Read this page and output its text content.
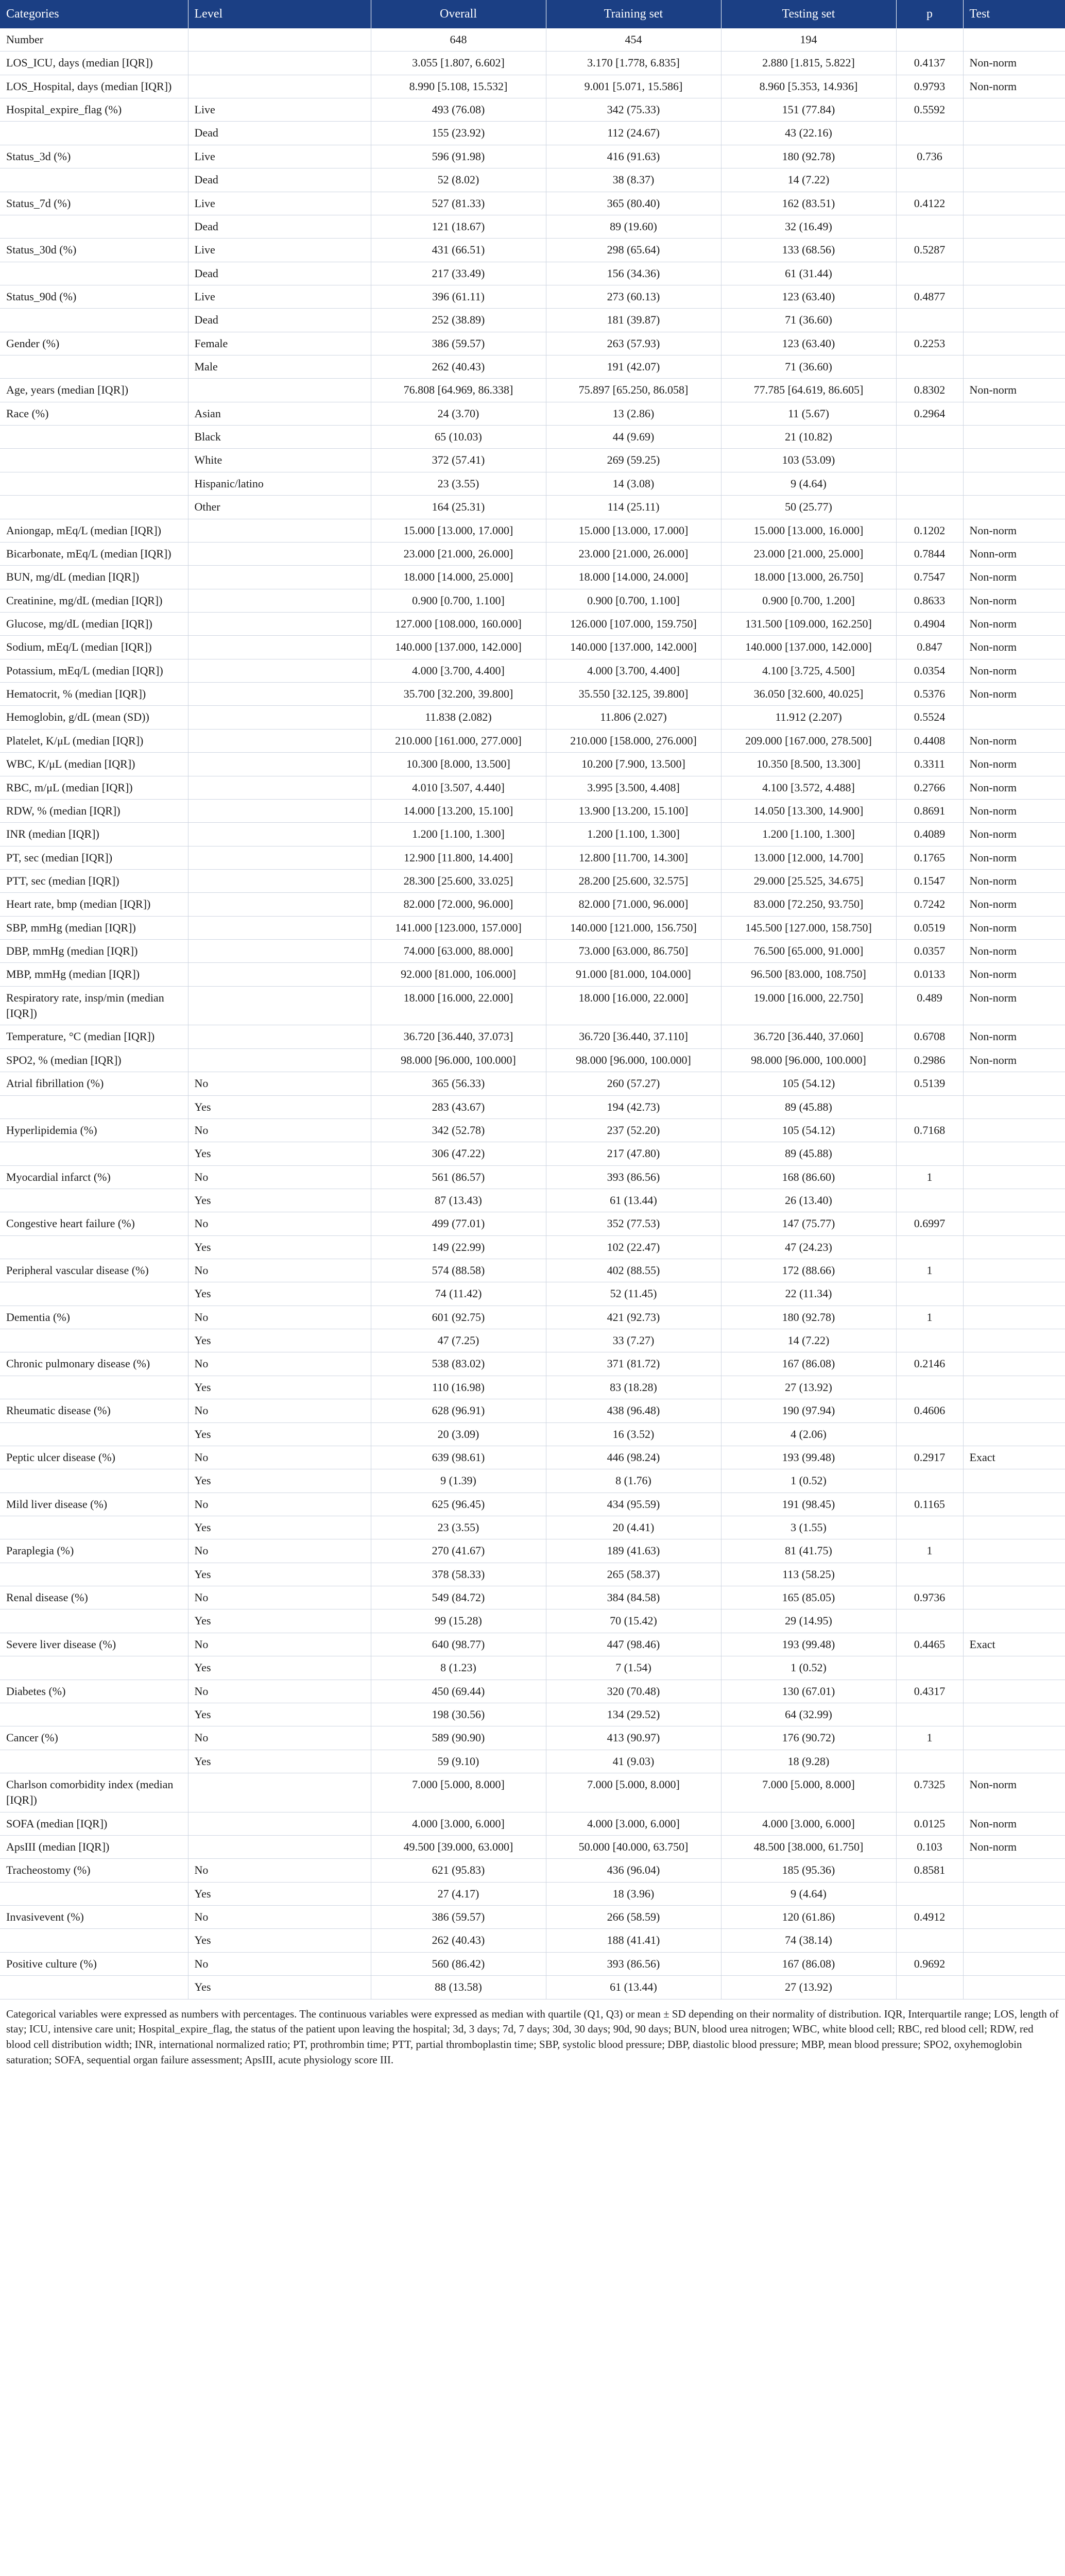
Categories	Level	Overall	Training set	Testing set	p	Test
Number		648	454	194		
LOS_ICU, days (median [IQR])		3.055 [1.807, 6.602]	3.170 [1.778, 6.835]	2.880 [1.815, 5.822]	0.4137	Non-norm
LOS_Hospital, days (median [IQR])		8.990 [5.108, 15.532]	9.001 [5.071, 15.586]	8.960 [5.353, 14.936]	0.9793	Non-norm
Hospital_expire_flag (%)	Live	493 (76.08)	342 (75.33)	151 (77.84)	0.5592	
	Dead	155 (23.92)	112 (24.67)	43 (22.16)		
Status_3d (%)	Live	596 (91.98)	416 (91.63)	180 (92.78)	0.736	
	Dead	52 (8.02)	38 (8.37)	14 (7.22)		
Status_7d (%)	Live	527 (81.33)	365 (80.40)	162 (83.51)	0.4122	
	Dead	121 (18.67)	89 (19.60)	32 (16.49)		
Status_30d (%)	Live	431 (66.51)	298 (65.64)	133 (68.56)	0.5287	
	Dead	217 (33.49)	156 (34.36)	61 (31.44)		
Status_90d (%)	Live	396 (61.11)	273 (60.13)	123 (63.40)	0.4877	
	Dead	252 (38.89)	181 (39.87)	71 (36.60)		
Gender (%)	Female	386 (59.57)	263 (57.93)	123 (63.40)	0.2253	
	Male	262 (40.43)	191 (42.07)	71 (36.60)		
Age, years (median [IQR])		76.808 [64.969, 86.338]	75.897 [65.250, 86.058]	77.785 [64.619, 86.605]	0.8302	Non-norm
Race (%)	Asian	24 (3.70)	13 (2.86)	11 (5.67)	0.2964	
	Black	65 (10.03)	44 (9.69)	21 (10.82)		
	White	372 (57.41)	269 (59.25)	103 (53.09)		
	Hispanic/latino	23 (3.55)	14 (3.08)	9 (4.64)		
	Other	164 (25.31)	114 (25.11)	50 (25.77)		
Aniongap, mEq/L (median [IQR])		15.000 [13.000, 17.000]	15.000 [13.000, 17.000]	15.000 [13.000, 16.000]	0.1202	Non-norm
Bicarbonate, mEq/L (median [IQR])		23.000 [21.000, 26.000]	23.000 [21.000, 26.000]	23.000 [21.000, 25.000]	0.7844	Nonn-orm
BUN, mg/dL (median [IQR])		18.000 [14.000, 25.000]	18.000 [14.000, 24.000]	18.000 [13.000, 26.750]	0.7547	Non-norm
Creatinine, mg/dL (median [IQR])		0.900 [0.700, 1.100]	0.900 [0.700, 1.100]	0.900 [0.700, 1.200]	0.8633	Non-norm
Glucose, mg/dL (median [IQR])		127.000 [108.000, 160.000]	126.000 [107.000, 159.750]	131.500 [109.000, 162.250]	0.4904	Non-norm
Sodium, mEq/L (median [IQR])		140.000 [137.000, 142.000]	140.000 [137.000, 142.000]	140.000 [137.000, 142.000]	0.847	Non-norm
Potassium, mEq/L (median [IQR])		4.000 [3.700, 4.400]	4.000 [3.700, 4.400]	4.100 [3.725, 4.500]	0.0354	Non-norm
Hematocrit, % (median [IQR])		35.700 [32.200, 39.800]	35.550 [32.125, 39.800]	36.050 [32.600, 40.025]	0.5376	Non-norm
Hemoglobin, g/dL (mean (SD))		11.838 (2.082)	11.806 (2.027)	11.912 (2.207)	0.5524	
Platelet, K/μL (median [IQR])		210.000 [161.000, 277.000]	210.000 [158.000, 276.000]	209.000 [167.000, 278.500]	0.4408	Non-norm
WBC, K/μL (median [IQR])		10.300 [8.000, 13.500]	10.200 [7.900, 13.500]	10.350 [8.500, 13.300]	0.3311	Non-norm
RBC, m/μL (median [IQR])		4.010 [3.507, 4.440]	3.995 [3.500, 4.408]	4.100 [3.572, 4.488]	0.2766	Non-norm
RDW, % (median [IQR])		14.000 [13.200, 15.100]	13.900 [13.200, 15.100]	14.050 [13.300, 14.900]	0.8691	Non-norm
INR (median [IQR])		1.200 [1.100, 1.300]	1.200 [1.100, 1.300]	1.200 [1.100, 1.300]	0.4089	Non-norm
PT, sec (median [IQR])		12.900 [11.800, 14.400]	12.800 [11.700, 14.300]	13.000 [12.000, 14.700]	0.1765	Non-norm
PTT, sec (median [IQR])		28.300 [25.600, 33.025]	28.200 [25.600, 32.575]	29.000 [25.525, 34.675]	0.1547	Non-norm
Heart rate, bmp (median [IQR])		82.000 [72.000, 96.000]	82.000 [71.000, 96.000]	83.000 [72.250, 93.750]	0.7242	Non-norm
SBP, mmHg (median [IQR])		141.000 [123.000, 157.000]	140.000 [121.000, 156.750]	145.500 [127.000, 158.750]	0.0519	Non-norm
DBP, mmHg (median [IQR])		74.000 [63.000, 88.000]	73.000 [63.000, 86.750]	76.500 [65.000, 91.000]	0.0357	Non-norm
MBP, mmHg (median [IQR])		92.000 [81.000, 106.000]	91.000 [81.000, 104.000]	96.500 [83.000, 108.750]	0.0133	Non-norm
Respiratory rate, insp/min (median [IQR])		18.000 [16.000, 22.000]	18.000 [16.000, 22.000]	19.000 [16.000, 22.750]	0.489	Non-norm
Temperature, °C (median [IQR])		36.720 [36.440, 37.073]	36.720 [36.440, 37.110]	36.720 [36.440, 37.060]	0.6708	Non-norm
SPO2, % (median [IQR])		98.000 [96.000, 100.000]	98.000 [96.000, 100.000]	98.000 [96.000, 100.000]	0.2986	Non-norm
Atrial fibrillation (%)	No	365 (56.33)	260 (57.27)	105 (54.12)	0.5139	
	Yes	283 (43.67)	194 (42.73)	89 (45.88)		
Hyperlipidemia (%)	No	342 (52.78)	237 (52.20)	105 (54.12)	0.7168	
	Yes	306 (47.22)	217 (47.80)	89 (45.88)		
Myocardial infarct (%)	No	561 (86.57)	393 (86.56)	168 (86.60)	1	
	Yes	87 (13.43)	61 (13.44)	26 (13.40)		
Congestive heart failure (%)	No	499 (77.01)	352 (77.53)	147 (75.77)	0.6997	
	Yes	149 (22.99)	102 (22.47)	47 (24.23)		
Peripheral vascular disease (%)	No	574 (88.58)	402 (88.55)	172 (88.66)	1	
	Yes	74 (11.42)	52 (11.45)	22 (11.34)		
Dementia (%)	No	601 (92.75)	421 (92.73)	180 (92.78)	1	
	Yes	47 (7.25)	33 (7.27)	14 (7.22)		
Chronic pulmonary disease (%)	No	538 (83.02)	371 (81.72)	167 (86.08)	0.2146	
	Yes	110 (16.98)	83 (18.28)	27 (13.92)		
Rheumatic disease (%)	No	628 (96.91)	438 (96.48)	190 (97.94)	0.4606	
	Yes	20 (3.09)	16 (3.52)	4 (2.06)		
Peptic ulcer disease (%)	No	639 (98.61)	446 (98.24)	193 (99.48)	0.2917	Exact
	Yes	9 (1.39)	8 (1.76)	1 (0.52)		
Mild liver disease (%)	No	625 (96.45)	434 (95.59)	191 (98.45)	0.1165	
	Yes	23 (3.55)	20 (4.41)	3 (1.55)		
Paraplegia (%)	No	270 (41.67)	189 (41.63)	81 (41.75)	1	
	Yes	378 (58.33)	265 (58.37)	113 (58.25)		
Renal disease (%)	No	549 (84.72)	384 (84.58)	165 (85.05)	0.9736	
	Yes	99 (15.28)	70 (15.42)	29 (14.95)		
Severe liver disease (%)	No	640 (98.77)	447 (98.46)	193 (99.48)	0.4465	Exact
	Yes	8 (1.23)	7 (1.54)	1 (0.52)		
Diabetes (%)	No	450 (69.44)	320 (70.48)	130 (67.01)	0.4317	
	Yes	198 (30.56)	134 (29.52)	64 (32.99)		
Cancer (%)	No	589 (90.90)	413 (90.97)	176 (90.72)	1	
	Yes	59 (9.10)	41 (9.03)	18 (9.28)		
Charlson comorbidity index (median [IQR])		7.000 [5.000, 8.000]	7.000 [5.000, 8.000]	7.000 [5.000, 8.000]	0.7325	Non-norm
SOFA (median [IQR])		4.000 [3.000, 6.000]	4.000 [3.000, 6.000]	4.000 [3.000, 6.000]	0.0125	Non-norm
ApsIII (median [IQR])		49.500 [39.000, 63.000]	50.000 [40.000, 63.750]	48.500 [38.000, 61.750]	0.103	Non-norm
Tracheostomy (%)	No	621 (95.83)	436 (96.04)	185 (95.36)	0.8581	
	Yes	27 (4.17)	18 (3.96)	9 (4.64)		
Invasivevent (%)	No	386 (59.57)	266 (58.59)	120 (61.86)	0.4912	
	Yes	262 (40.43)	188 (41.41)	74 (38.14)		
Positive culture (%)	No	560 (86.42)	393 (86.56)	167 (86.08)	0.9692	
	Yes	88 (13.58)	61 (13.44)	27 (13.92)		

Categorical variables were expressed as numbers with percentages. The continuous variables were expressed as median with quartile (Q1, Q3) or mean ± SD depending on their normality of distribution. IQR, Interquartile range; LOS, length of stay; ICU, intensive care unit; Hospital_expire_flag, the status of the patient upon leaving the hospital; 3d, 3 days; 7d, 7 days; 30d, 30 days; 90d, 90 days; BUN, blood urea nitrogen; WBC, white blood cell; RBC, red blood cell; RDW, red blood cell distribution width; INR, international normalized ratio; PT, prothrombin time; PTT, partial thromboplastin time; SBP, systolic blood pressure; DBP, diastolic blood pressure; MBP, mean blood pressure; SPO2, oxyhemoglobin saturation; SOFA, sequential organ failure assessment; ApsIII, acute physiology score III.
